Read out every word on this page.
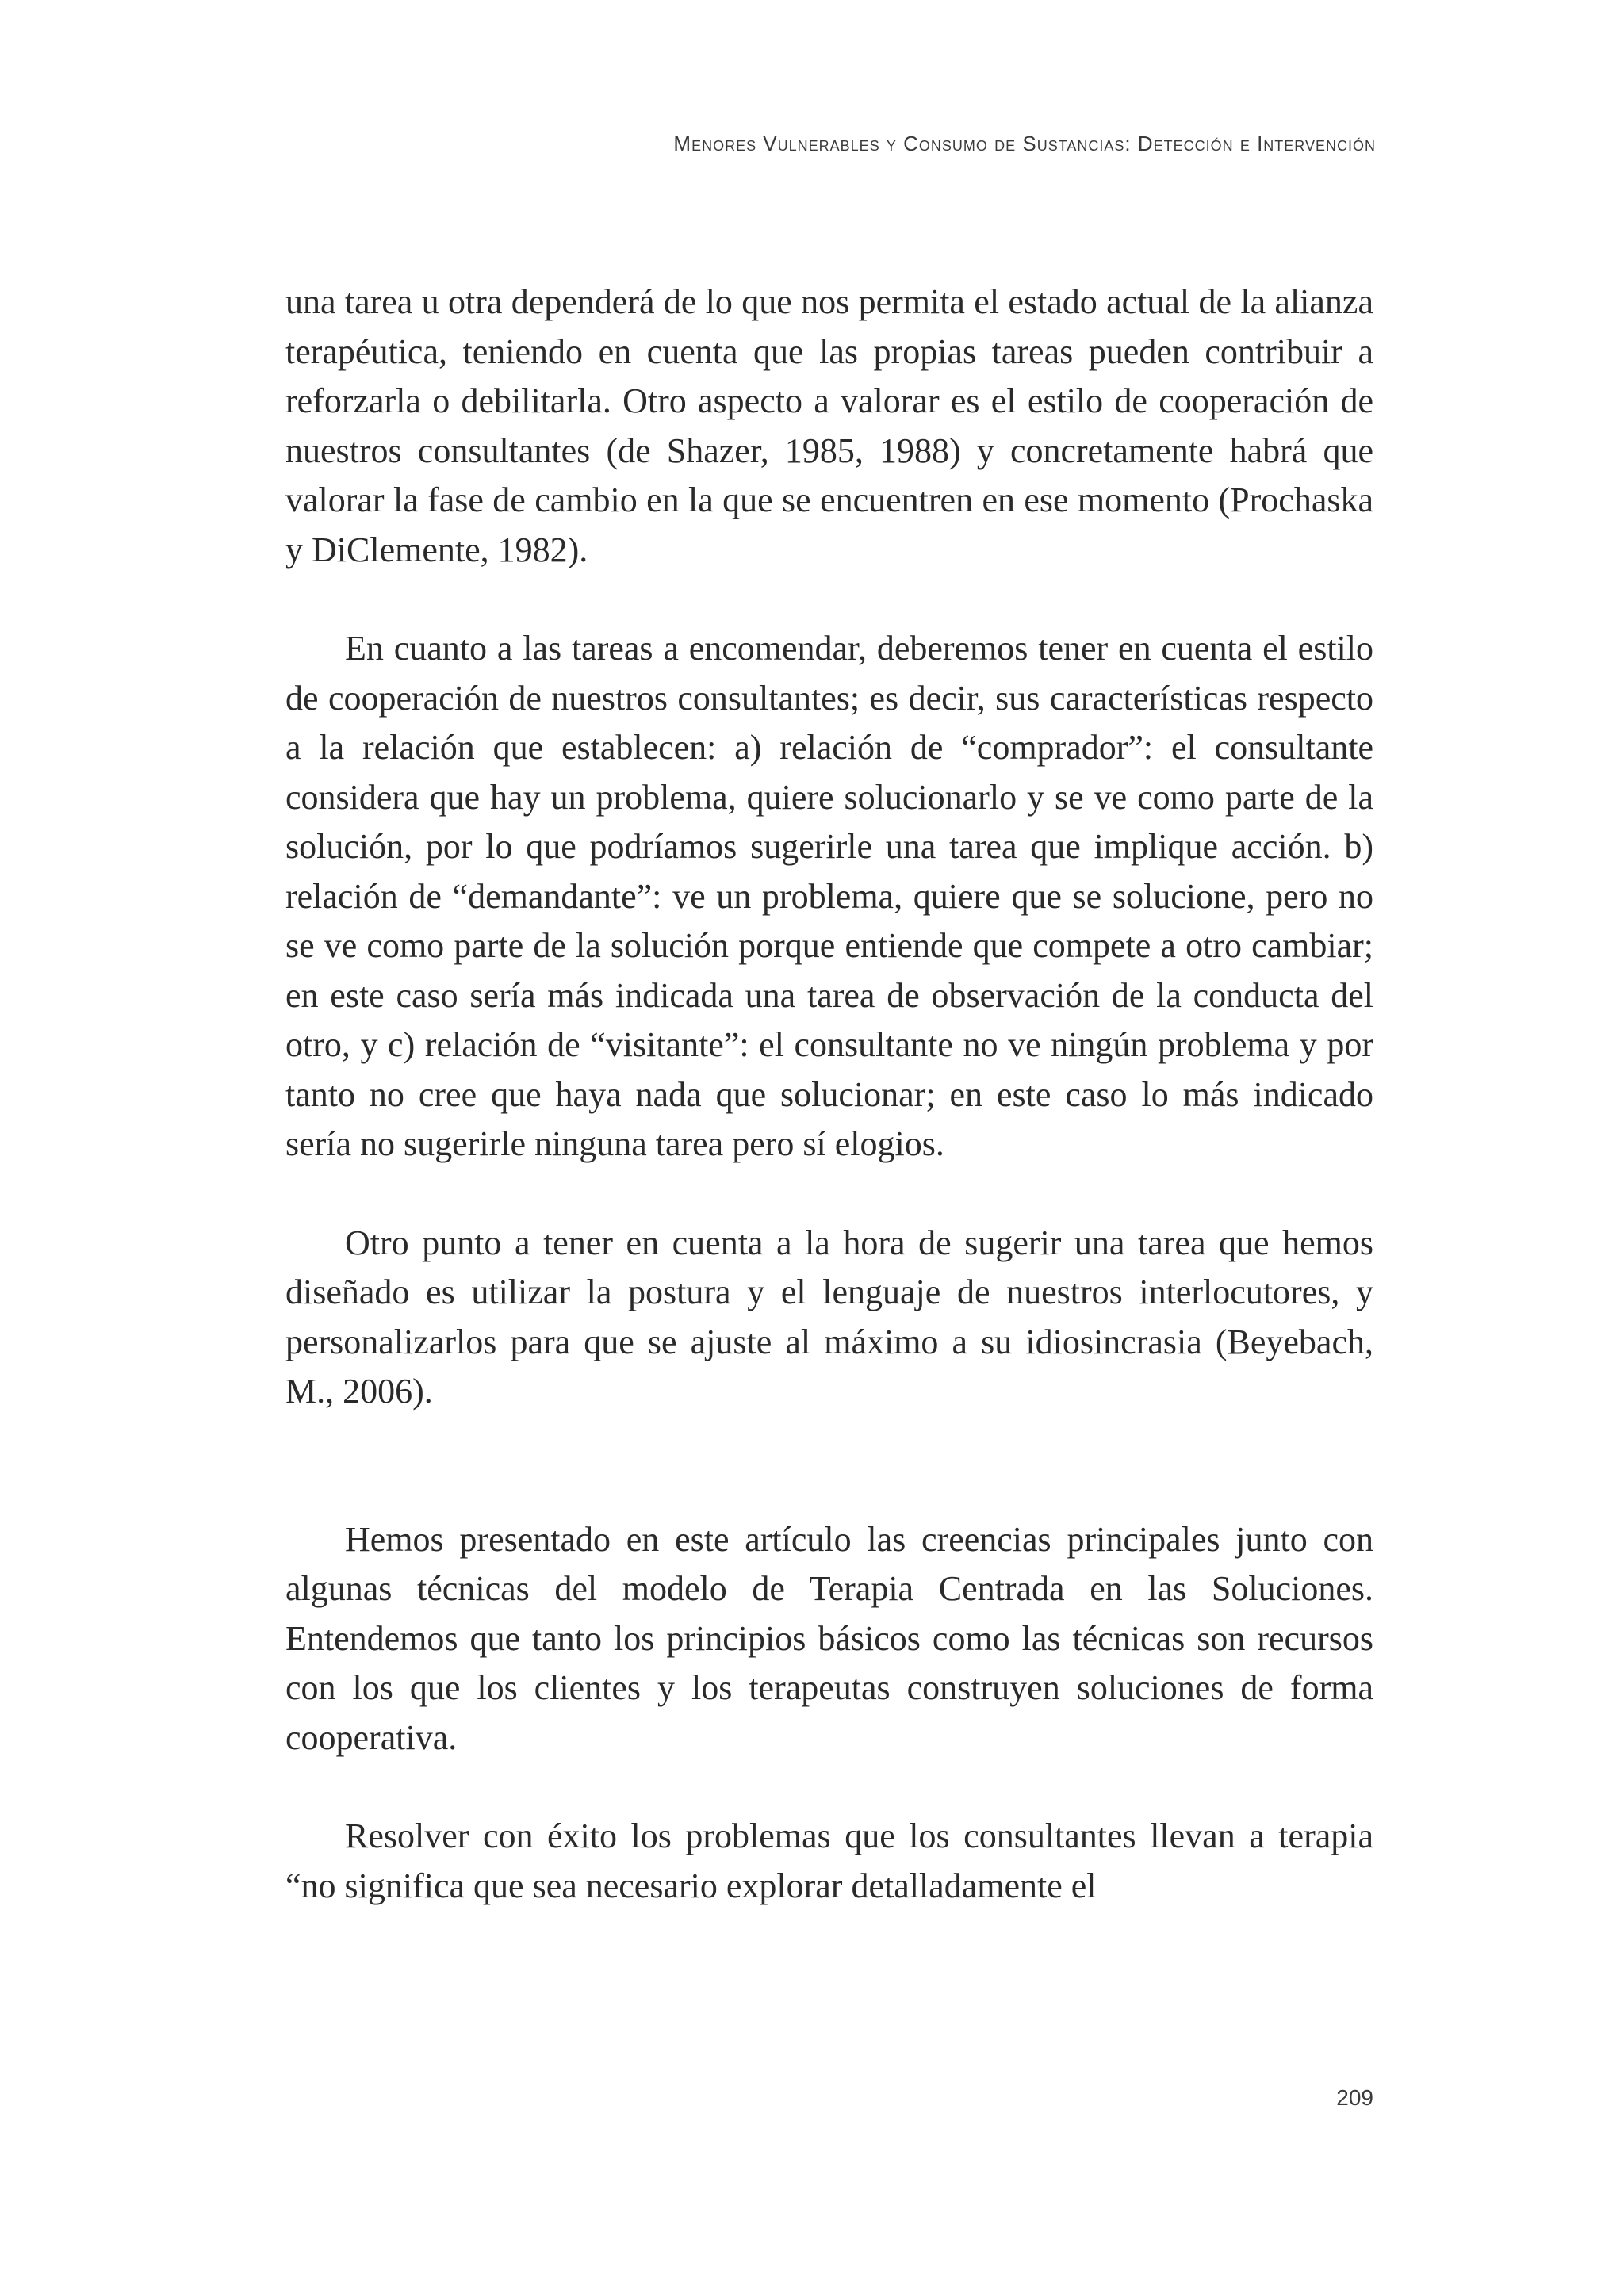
Menores Vulnerables y Consumo de Sustancias: Detección e Intervención

una tarea u otra dependerá de lo que nos permita el estado actual de la alianza terapéutica, teniendo en cuenta que las propias tareas pueden contribuir a reforzarla o debilitarla. Otro aspecto a valorar es el estilo de cooperación de nuestros consultantes (de Shazer, 1985, 1988) y concretamente habrá que valorar la fase de cambio en la que se encuentren en ese momento (Prochaska y DiClemente, 1982).

En cuanto a las tareas a encomendar, deberemos tener en cuenta el estilo de cooperación de nuestros consultantes; es decir, sus características respecto a la relación que establecen: a) relación de “comprador”: el consultante considera que hay un problema, quiere solucionarlo y se ve como parte de la solución, por lo que podríamos sugerirle una tarea que implique acción. b) relación de “demandante”: ve un problema, quiere que se solucione, pero no se ve como parte de la solución porque entiende que compete a otro cambiar; en este caso sería más indicada una tarea de observación de la conducta del otro, y c) relación de “visitante”: el consultante no ve ningún problema y por tanto no cree que haya nada que solucionar; en este caso lo más indicado sería no sugerirle ninguna tarea pero sí elogios.

Otro punto a tener en cuenta a la hora de sugerir una tarea que hemos diseñado es utilizar la postura y el lenguaje de nuestros interlocutores, y personalizarlos para que se ajuste al máximo a su idiosincrasia (Beyebach, M., 2006).

Hemos presentado en este artículo las creencias principales junto con algunas técnicas del modelo de Terapia Centrada en las Soluciones. Entendemos que tanto los principios básicos como las técnicas son recursos con los que los clientes y los terapeutas construyen soluciones de forma cooperativa.

Resolver con éxito los problemas que los consultantes llevan a terapia “no significa que sea necesario explorar detalladamente el

209
